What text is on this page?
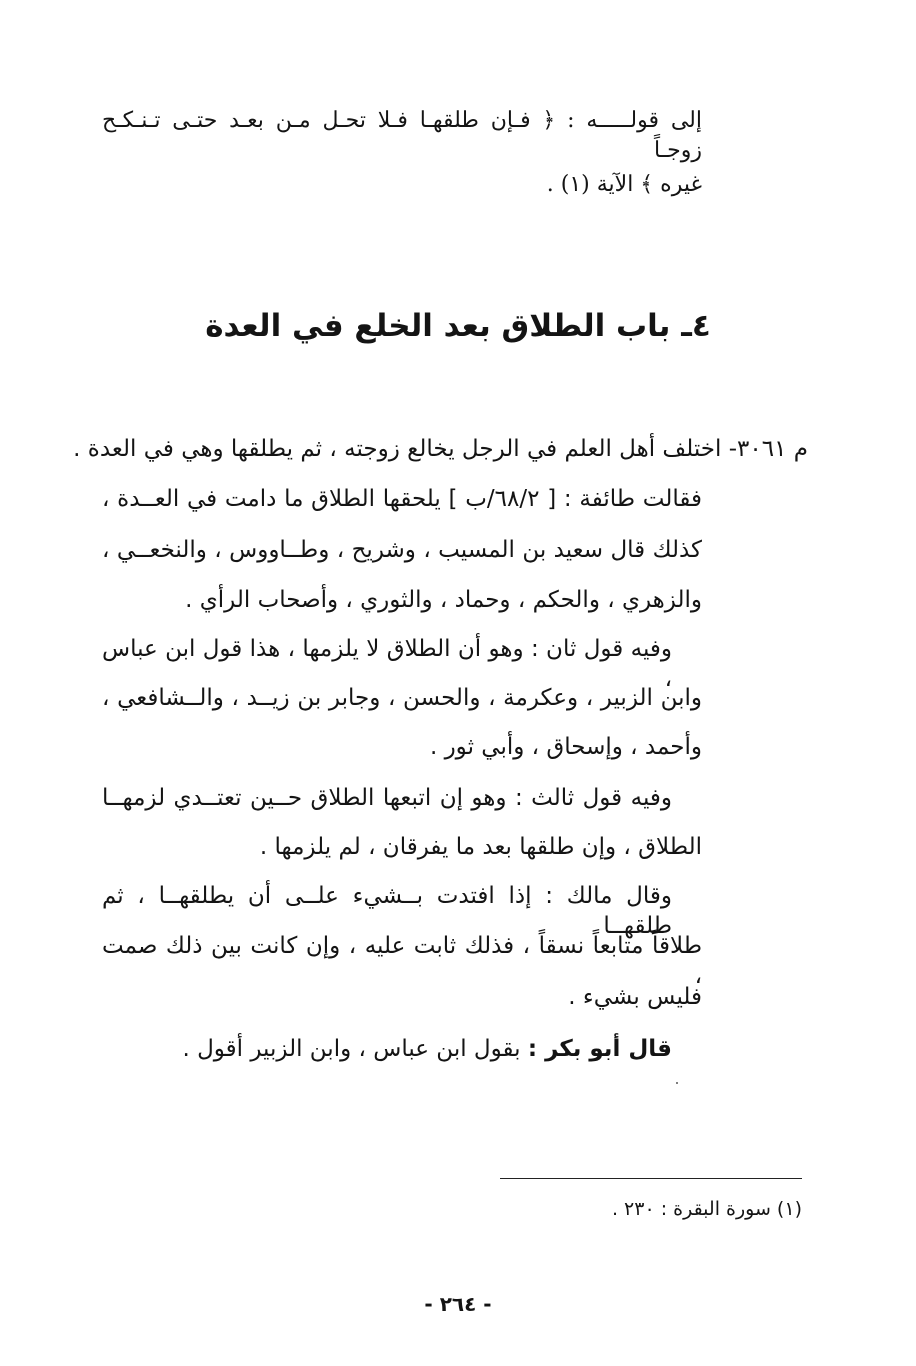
إلى قولـــــه : ﴿ فـإن طلقهـا فـلا تحـل مـن بعـد حتـى تـنـكـح زوجـاً
غيره ﴾ الآية (١) .
٤ـ باب الطلاق بعد الخلع في العدة
م ٣٠٦١- اختلف أهل العلم في الرجل يخالع زوجته ، ثم يطلقها وهي في العدة .
فقالت طائفة : [ ٦٨/٢/ب ] يلحقها الطلاق ما دامت في العــدة ،
كذلك قال سعيد بن المسيب ، وشريح ، وطــاووس ، والنخعــي ،
والزهري ، والحكم ، وحماد ، والثوري ، وأصحاب الرأي .
وفيه قول ثان : وهو أن الطلاق لا يلزمها ، هذا قول ابن عباس ،
وابن الزبير ، وعكرمة ، والحسن ، وجابر بن زيــد ، والــشافعي ،
وأحمد ، وإسحاق ، وأبي ثور .
وفيه قول ثالث : وهو إن اتبعها الطلاق حــين تعتــدي لزمهــا
الطلاق ، وإن طلقها بعد ما يفرقان ، لم يلزمها .
وقال مالك : إذا افتدت بــشيء علــى أن يطلقهــا ، ثم طلقهــا
طلاقاً متابعاً نسقاً ، فذلك ثابت عليه ، وإن كانت بين ذلك صمت ،
فليس بشيء .
قال أبو بكر : بقول ابن عباس ، وابن الزبير أقول .
(١) سورة البقرة : ٢٣٠ .
- ٢٦٤ -
